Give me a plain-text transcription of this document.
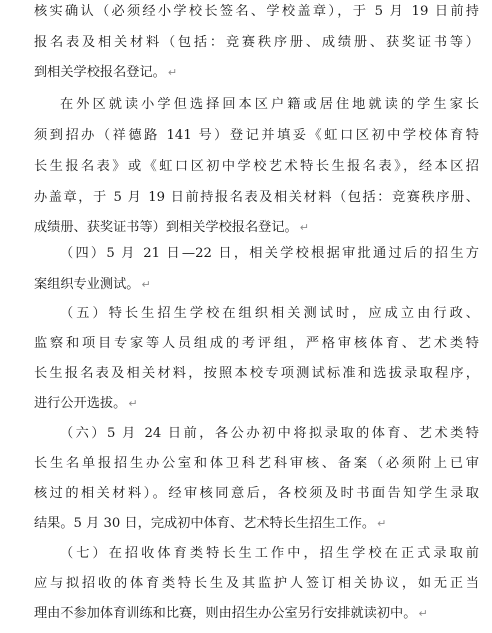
核实确认（必须经小学校长签名、学校盖章），于 5 月 19 日前持
报名表及相关材料（包括：竞赛秩序册、成绩册、获奖证书等）
到相关学校报名登记。 ↵
在外区就读小学但选择回本区户籍或居住地就读的学生家长
须到招办（祥德路 141 号）登记并填妥《虹口区初中学校体育特
长生报名表》或《虹口区初中学校艺术特长生报名表》，经本区招
办盖章，于 5 月 19 日前持报名表及相关材料（包括：竞赛秩序册、
成绩册、获奖证书等）到相关学校报名登记。 ↵
（四）5 月 21 日—22 日，相关学校根据审批通过后的招生方
案组织专业测试。 ↵
（五）特长生招生学校在组织相关测试时，应成立由行政、
监察和项目专家等人员组成的考评组，严格审核体育、艺术类特
长生报名表及相关材料，按照本校专项测试标准和选拔录取程序，
进行公开选拔。 ↵
（六）5 月 24 日前，各公办初中将拟录取的体育、艺术类特
长生名单报招生办公室和体卫科艺科审核、备案（必须附上已审
核过的相关材料）。经审核同意后，各校须及时书面告知学生录取
结果。5 月 30 日，完成初中体育、艺术特长生招生工作。 ↵
（七）在招收体育类特长生工作中，招生学校在正式录取前
应与拟招收的体育类特长生及其监护人签订相关协议，如无正当
理由不参加体育训练和比赛，则由招生办公室另行安排就读初中。 ↵
